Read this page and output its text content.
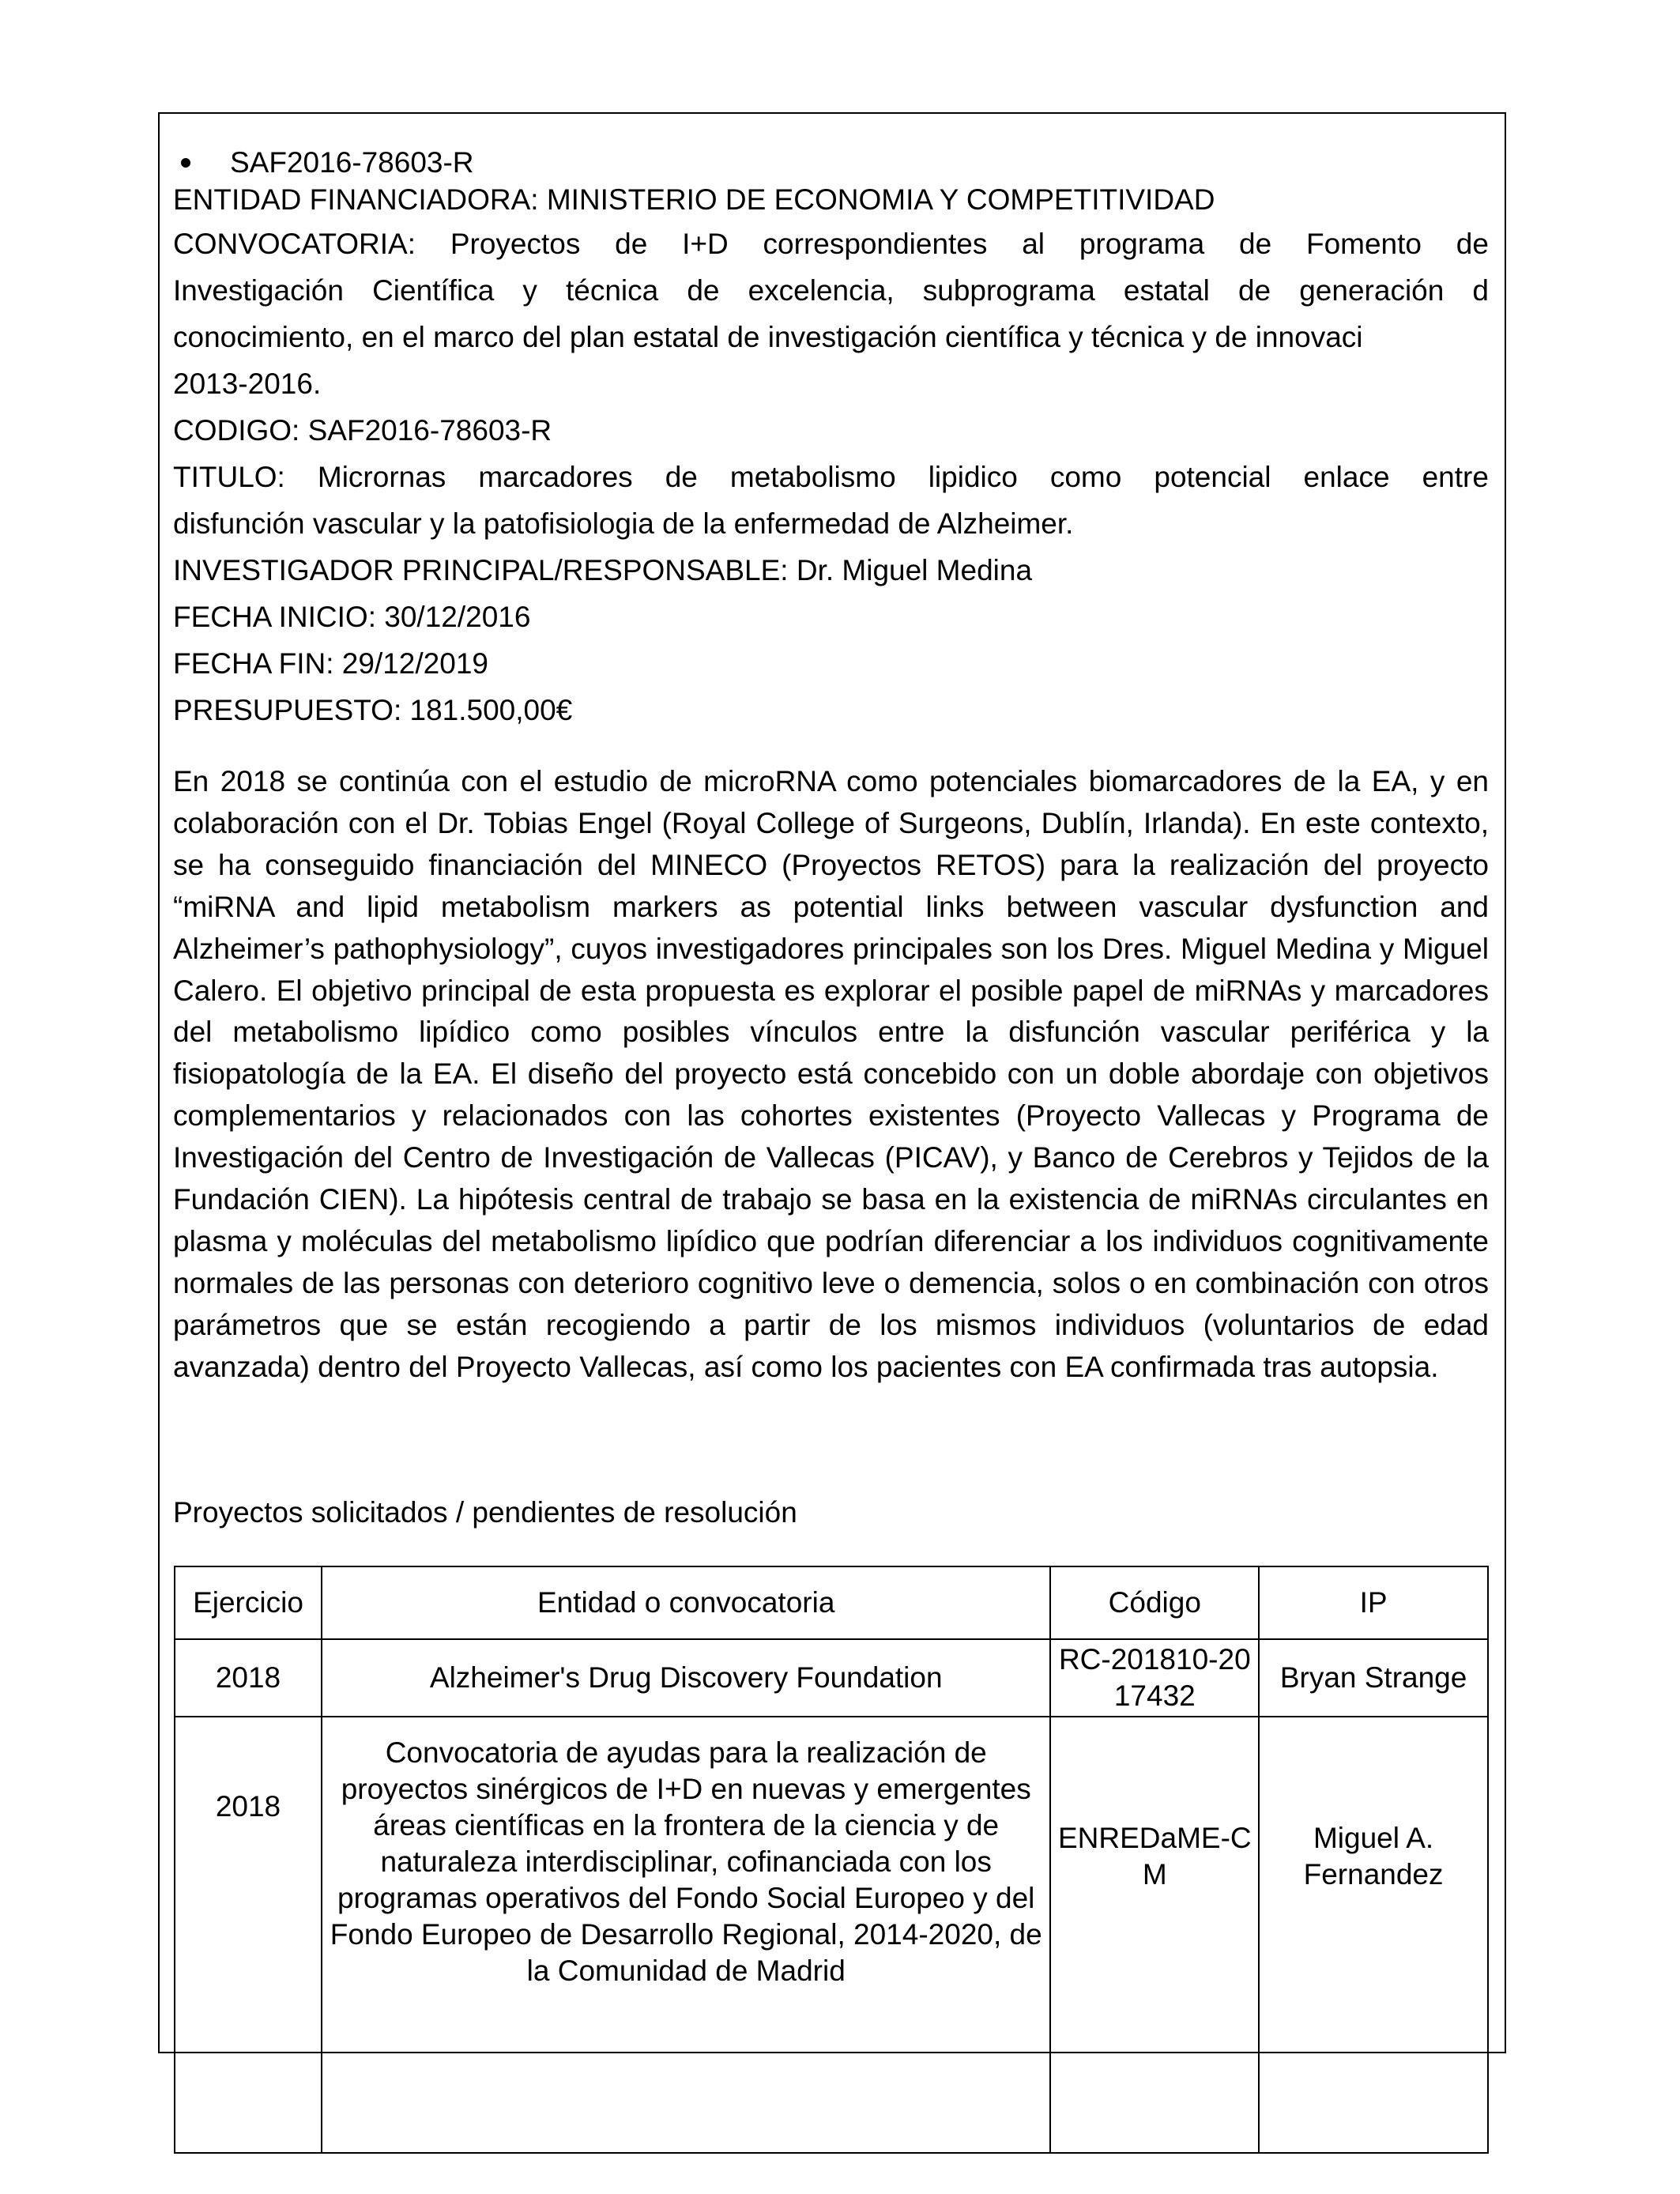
SAF2016-78603-R
ENTIDAD FINANCIADORA: MINISTERIO DE ECONOMIA Y COMPETITIVIDAD
CONVOCATORIA: Proyectos de I+D correspondientes al programa de Fomento de
Investigación Científica y técnica de excelencia, subprograma estatal de generación d
conocimiento, en el marco del plan estatal de investigación científica y técnica y de innovaci
2013-2016.
CODIGO: SAF2016-78603-R
TITULO: Micrornas marcadores de metabolismo lipidico como potencial enlace entre
disfunción vascular y la patofisiologia de la enfermedad de Alzheimer.
INVESTIGADOR PRINCIPAL/RESPONSABLE: Dr. Miguel Medina
FECHA INICIO: 30/12/2016
FECHA FIN: 29/12/2019
PRESUPUESTO: 181.500,00€
En 2018 se continúa con el estudio de microRNA como potenciales biomarcadores de la EA, y en colaboración con el Dr. Tobias Engel (Royal College of Surgeons, Dublín, Irlanda). En este contexto, se ha conseguido financiación del MINECO (Proyectos RETOS) para la realización del proyecto “miRNA and lipid metabolism markers as potential links between vascular dysfunction and Alzheimer’s pathophysiology”, cuyos investigadores principales son los Dres. Miguel Medina y Miguel Calero. El objetivo principal de esta propuesta es explorar el posible papel de miRNAs y marcadores del metabolismo lipídico como posibles vínculos entre la disfunción vascular periférica y la fisiopatología de la EA. El diseño del proyecto está concebido con un doble abordaje con objetivos complementarios y relacionados con las cohortes existentes (Proyecto Vallecas y Programa de Investigación del Centro de Investigación de Vallecas (PICAV), y Banco de Cerebros y Tejidos de la Fundación CIEN). La hipótesis central de trabajo se basa en la existencia de miRNAs circulantes en plasma y moléculas del metabolismo lipídico que podrían diferenciar a los individuos cognitivamente normales de las personas con deterioro cognitivo leve o demencia, solos o en combinación con otros parámetros que se están recogiendo a partir de los mismos individuos (voluntarios de edad avanzada) dentro del Proyecto Vallecas, así como los pacientes con EA confirmada tras autopsia.
Proyectos solicitados / pendientes de resolución
Ejercicio	Entidad o convocatoria	Código	IP
2018	Alzheimer's Drug Discovery Foundation	RC-201810-2017432	Bryan Strange
2018	Convocatoria de ayudas para la realización de proyectos sinérgicos de I+D en nuevas y emergentes áreas científicas en la frontera de la ciencia y de naturaleza interdisciplinar, cofinanciada con los programas operativos del Fondo Social Europeo y del Fondo Europeo de Desarrollo Regional, 2014-2020, de la Comunidad de Madrid	ENREDaME-CM	Miguel A. Fernandez
